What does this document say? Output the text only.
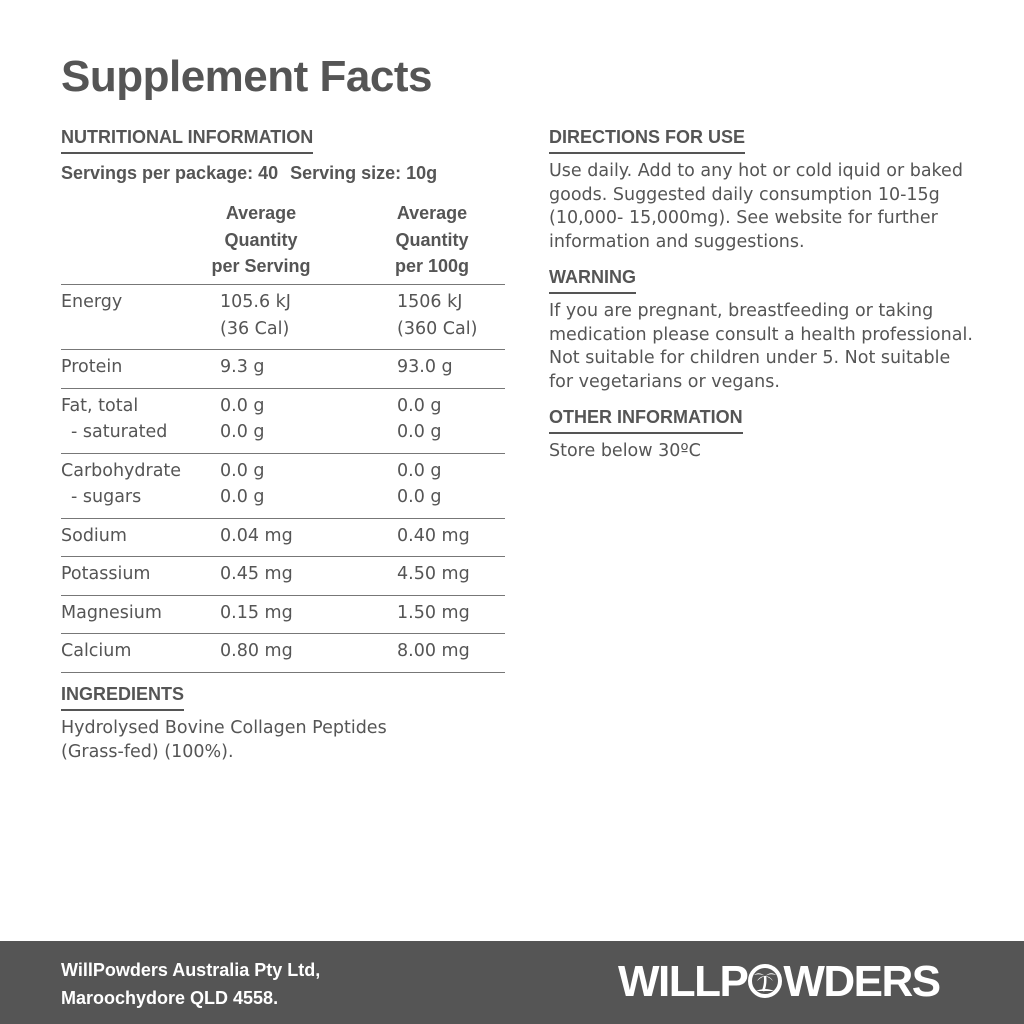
Supplement Facts
NUTRITIONAL INFORMATION
Servings per package: 40 Serving size: 10g
Average
Quantity
per Serving
Average
Quantity
per 100g
Energy	105.6 kJ	1506 kJ
(36 Cal)	(360 Cal)
Protein	9.3 g	93.0 g
Fat, total	0.0 g	0.0 g
- saturated	0.0 g	0.0 g
Carbohydrate 0.0 g	0.0 g
- sugars	0.0 g	0.0 g
Sodium	0.04 mg	0.40 mg
Potassium	0.45 mg	4.50 mg
Magnesium	0.15 mg	1.50 mg
Calcium	0.80 mg	8.00 mg
INGREDIENTS
Hydrolysed Bovine Collagen Peptides (Grass-fed) (100%).
DIRECTIONS FOR USE
Use daily. Add to any hot or cold iquid or baked goods. Suggested daily consumption 10-15g (10,000- 15,000mg). See website for further information and suggestions.
WARNING
If you are pregnant, breastfeeding or taking medication please consult a health professional. Not suitable for children under 5. Not suitable for vegetarians or vegans.
OTHER INFORMATION
Store below 30ºC
WillPowders Australia Pty Ltd,
Maroochydore QLD 4558.	WILLP WDERS
